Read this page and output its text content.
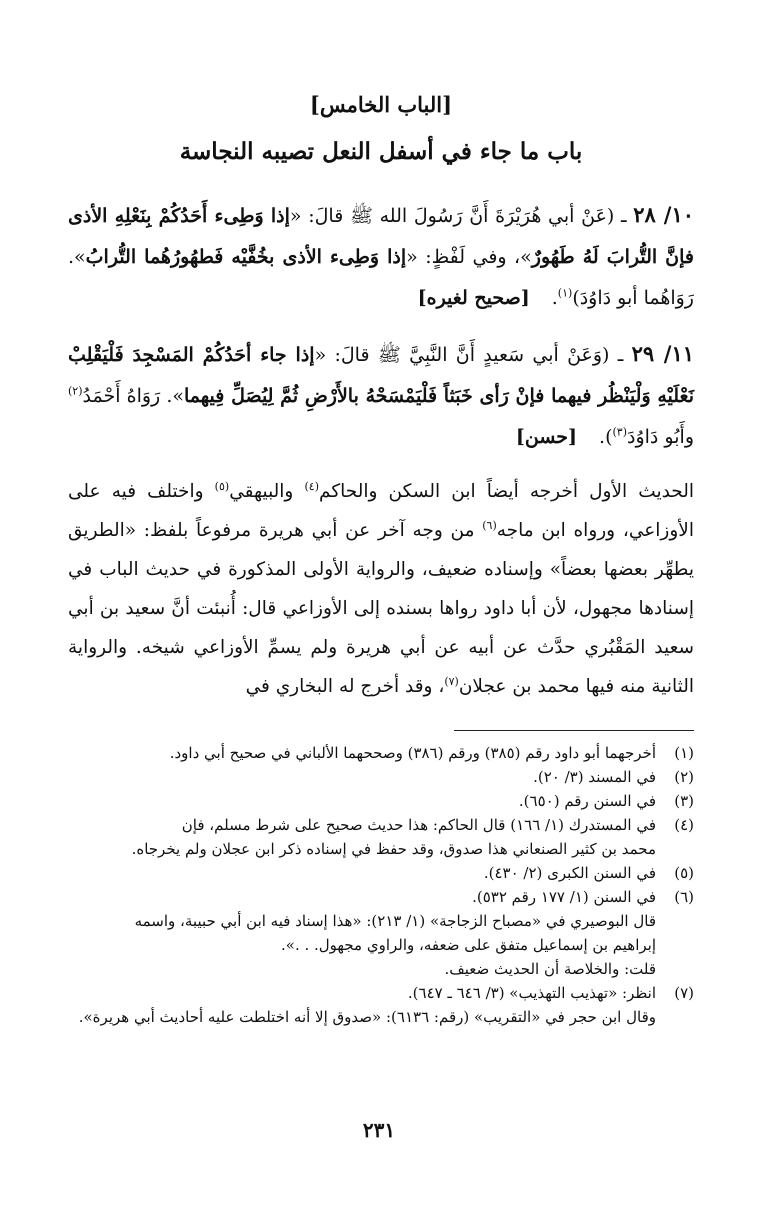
[الباب الخامس]
باب ما جاء في أسفل النعل تصيبه النجاسة
١٠/ ٢٨ ـ (عَنْ أبي هُرَيْرَةَ أَنَّ رَسُولَ الله ﷺ قالَ: «إذا وَطِىء أَحَدُكُمْ بِنَعْلِهِ الأذى فإنَّ التُّرابَ لَهُ طَهُورٌ»، وفي لَفْظٍ: «إذا وَطِىء الأذى بخُفَّيْه فَطهُورُهُما التُّرابُ». رَوَاهُما أبو دَاوُدَ)$^{(١)}$.[صحيح لغيره]
١١/ ٢٩ ـ (وَعَنْ أبي سَعيدٍ أَنَّ النَّبِيَّ ﷺ قالَ: «إذا جاء أحَدُكُمْ المَسْجِدَ فَلْيَقْلِبْ نَعْلَيْهِ وَلْيَنْظُر فيهما فإنْ رَأى خَبَثاً فَلْيَمْسَحْهُ بالأَرْضِ ثُمَّ لِيُصَلِّ فِيهما». رَوَاهُ أَحْمَدُ$^{(٢)}$ وأَبُو دَاوُدَ$^{(٣)}$).[حسن]
الحديث الأول أخرجه أيضاً ابن السكن والحاكم$^{(٤)}$ والبيهقي$^{(٥)}$ واختلف فيه على الأوزاعي، ورواه ابن ماجه$^{(٦)}$ من وجه آخر عن أبي هريرة مرفوعاً بلفظ: «الطريق يطهِّر بعضها بعضاً» وإسناده ضعيف، والرواية الأولى المذكورة في حديث الباب في إسنادها مجهول، لأن أبا داود رواها بسنده إلى الأوزاعي قال: أُنبئت أنَّ سعيد بن أبي سعيد المَقْبُري حدَّث عن أبيه عن أبي هريرة ولم يسمِّ الأوزاعي شيخه. والرواية الثانية منه فيها محمد بن عجلان$^{(٧)}$، وقد أخرج له البخاري في
(١)
أخرجهما أبو داود رقم (٣٨٥) ورقم (٣٨٦) وصححهما الألباني في صحيح أبي داود.
(٢)
في المسند (٣/ ٢٠).
(٣)
في السنن رقم (٦٥٠).
(٤)
في المستدرك (١/ ١٦٦) قال الحاكم: هذا حديث صحيح على شرط مسلم، فإن
محمد بن كثير الصنعاني هذا صدوق، وقد حفظ في إسناده ذكر ابن عجلان ولم يخرجاه.
(٥)
في السنن الكبرى (٢/ ٤٣٠).
(٦)
في السنن (١/ ١٧٧ رقم ٥٣٢).
قال البوصيري في «مصباح الزجاجة» (١/ ٢١٣): «هذا إسناد فيه ابن أبي حبيبة، واسمه
إبراهيم بن إسماعيل متفق على ضعفه، والراوي مجهول. . .».
قلت: والخلاصة أن الحديث ضعيف.
(٧)
انظر: «تهذيب التهذيب» (٣/ ٦٤٦ ـ ٦٤٧).
وقال ابن حجر في «التقريب» (رقم: ٦١٣٦): «صدوق إلا أنه اختلطت عليه أحاديث أبي هريرة».
٢٣١
